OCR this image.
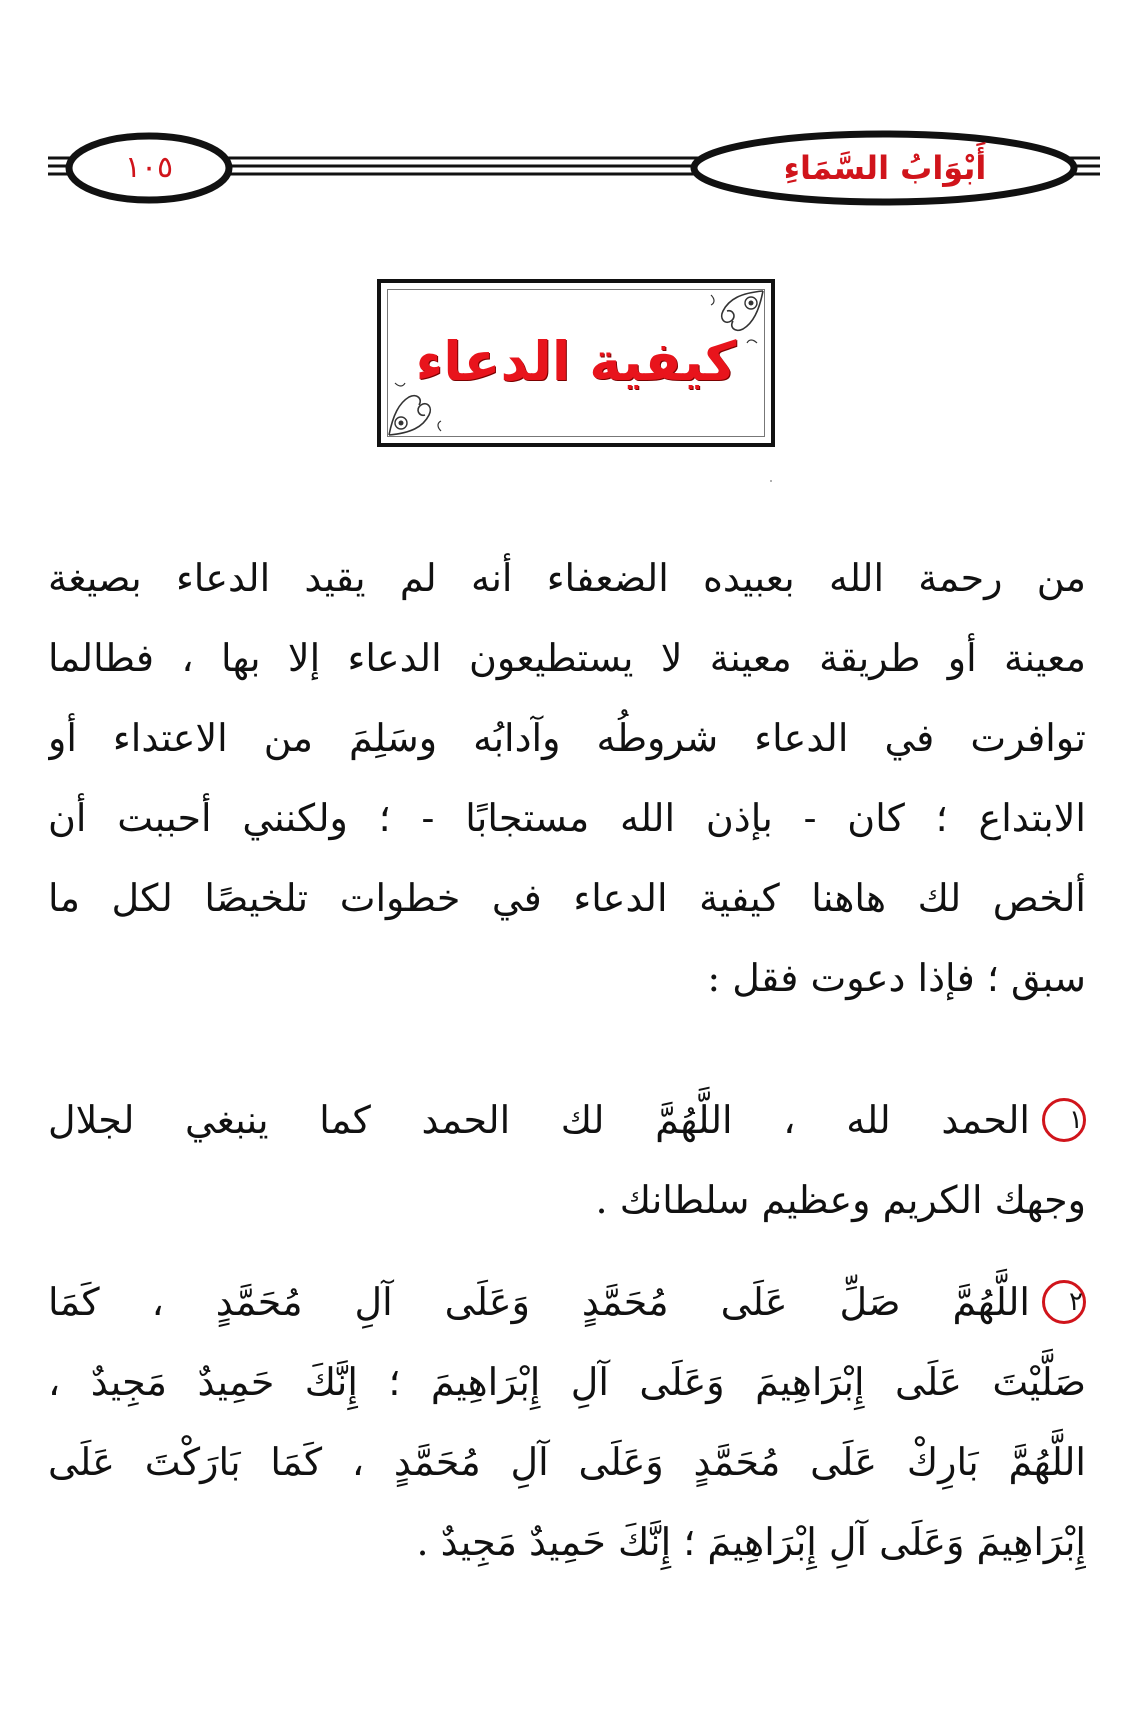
١٠٥	أَبْوَابُ السَّمَاءِ
كيفية الدعاء
من رحمة الله بعبيده الضعفاء أنه لم يقيد الدعاء بصيغة
معينة أو طريقة معينة لا يستطيعون الدعاء إلا بها ، فطالما
توافرت في الدعاء شروطُه وآدابُه وسَلِمَ من الاعتداء أو
الابتداع ؛ كان - بإذن الله مستجابًا - ؛ ولكنني أحببت أن
ألخص لك هاهنا كيفية الدعاء في خطوات تلخيصًا لكل ما
سبق ؛ فإذا دعوت فقل :
١الحمد لله ، اللَّهُمَّ لك الحمد كما ينبغي لجلال
وجهك الكريم وعظيم سلطانك .
٢اللَّهُمَّ صَلِّ عَلَى مُحَمَّدٍ وَعَلَى آلِ مُحَمَّدٍ ، كَمَا
صَلَّيْتَ عَلَى إِبْرَاهِيمَ وَعَلَى آلِ إِبْرَاهِيمَ ؛ إِنَّكَ حَمِيدٌ مَجِيدٌ ،
اللَّهُمَّ بَارِكْ عَلَى مُحَمَّدٍ وَعَلَى آلِ مُحَمَّدٍ ، كَمَا بَارَكْتَ عَلَى
إِبْرَاهِيمَ وَعَلَى آلِ إِبْرَاهِيمَ ؛ إِنَّكَ حَمِيدٌ مَجِيدٌ .
